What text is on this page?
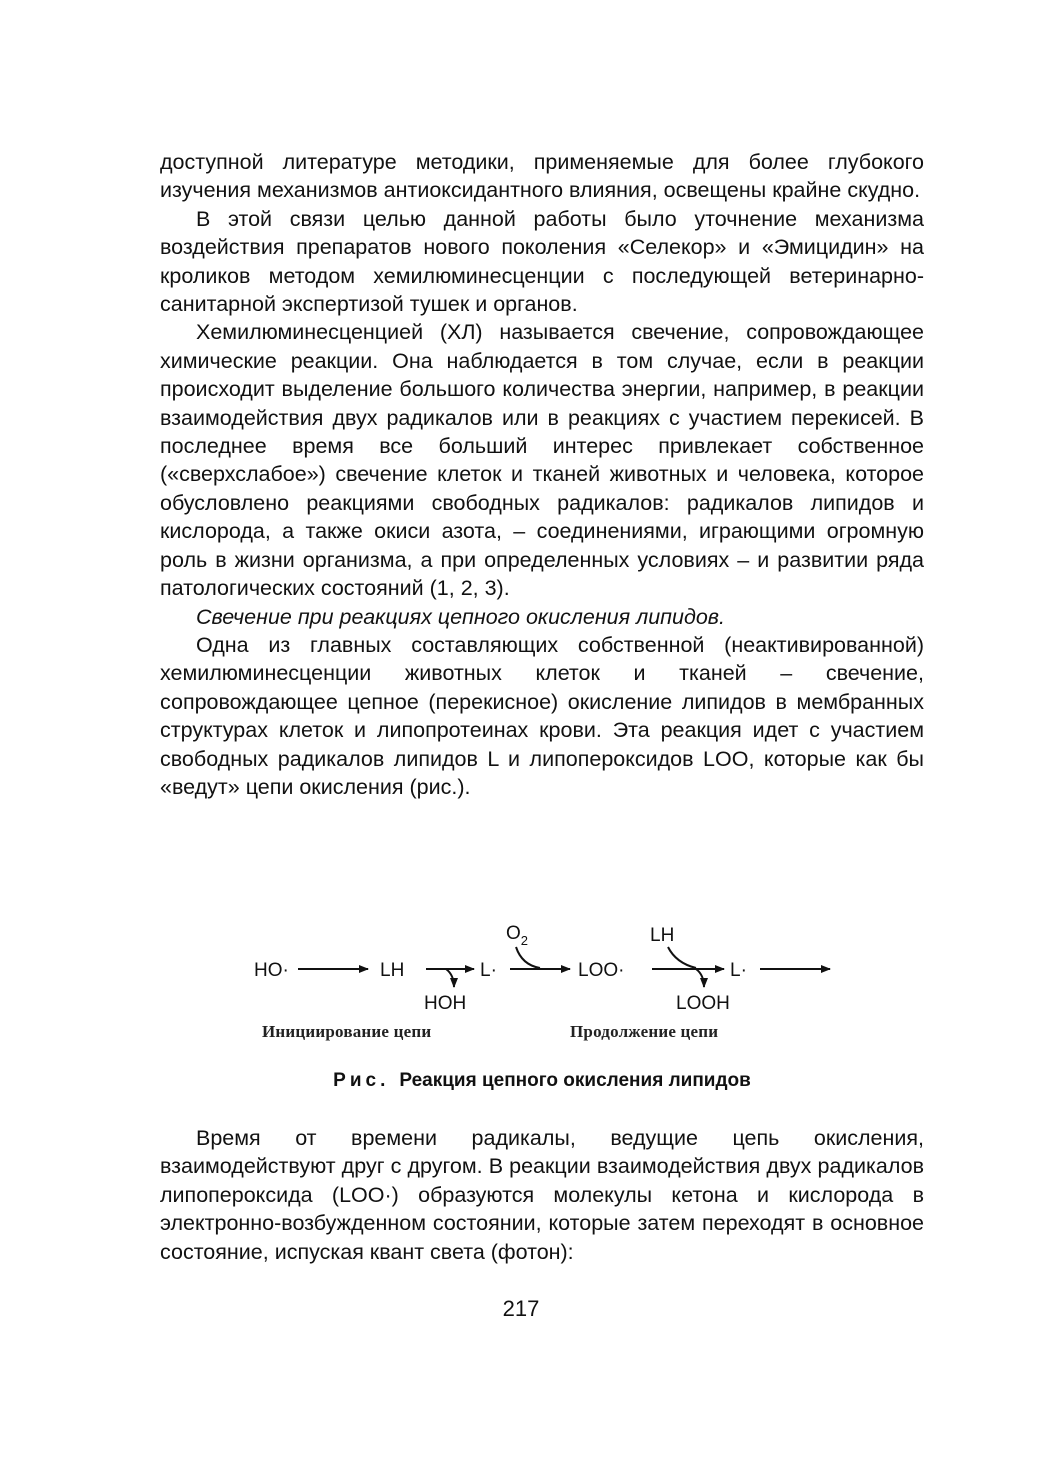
доступной литературе методики, применяемые для более глубокого изучения механизмов антиоксидантного влияния, освещены крайне скудно.

В этой связи целью данной работы было уточнение механизма воздействия препаратов нового поколения «Селекор» и «Эмицидин» на кроликов методом хемилюминесценции с последующей ветеринарно-санитарной экспертизой тушек и органов.

Хемилюминесценцией (ХЛ) называется свечение, сопровождающее химические реакции. Она наблюдается в том случае, если в реакции происходит выделение большого количества энергии, например, в реакции взаимодействия двух радикалов или в реакциях с участием перекисей. В последнее время все больший интерес привлекает собственное («сверхслабое») свечение клеток и тканей животных и человека, которое обусловлено реакциями свободных радикалов: радикалов липидов и кислорода, а также окиси азота, – соединениями, играющими огромную роль в жизни организма, а при определенных условиях – и развитии ряда патологических состояний (1, 2, 3).

Свечение при реакциях цепного окисления липидов.

Одна из главных составляющих собственной (неактивированной) хемилюминесценции животных клеток и тканей – свечение, сопровождающее цепное (перекисное) окисление липидов в мембранных структурах клеток и липопротеинах крови. Эта реакция идет с участием свободных радикалов липидов L и липопероксидов LOO, которые как бы «ведут» цепи окисления (рис.).

HO·	LH	L·
$O_2$
LOO·
LH
L·
HOH	LOOH
Инициирование цепи	Продолжение цепи
Рис. Реакция цепного окисления липидов

Время от времени радикалы, ведущие цепь окисления, взаимодействуют друг с другом. В реакции взаимодействия двух радикалов липопероксида (LOO·) образуются молекулы кетона и кислорода в электронно-возбужденном состоянии, которые затем переходят в основное состояние, испуская квант света (фотон):

217
